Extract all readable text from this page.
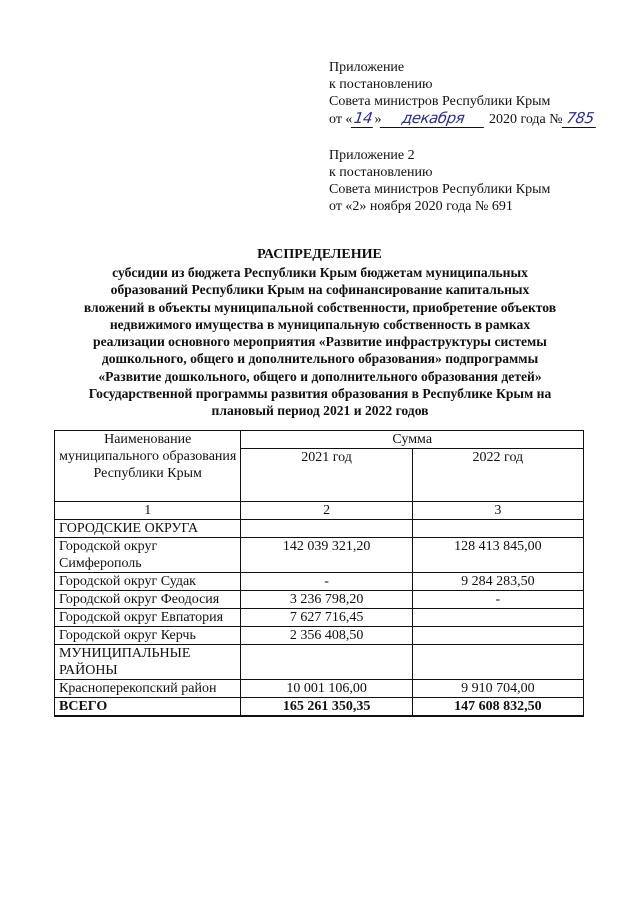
Приложение
к постановлению
Совета министров Республики Крым
от «14» декабря 2020 года № 785
Приложение 2
к постановлению
Совета министров Республики Крым
от «2» ноября 2020 года № 691
РАСПРЕДЕЛЕНИЕ
субсидии из бюджета Республики Крым бюджетам муниципальных
образований Республики Крым на софинансирование капитальных
вложений в объекты муниципальной собственности, приобретение объектов
недвижимого имущества в муниципальную собственность в рамках
реализации основного мероприятия «Развитие инфраструктуры системы
дошкольного, общего и дополнительного образования» подпрограммы
«Развитие дошкольного, общего и дополнительного образования детей»
Государственной программы развития образования в Республике Крым на
плановый период 2021 и 2022 годов
Наименование муниципального образования Республики Крым	Сумма	
	2021 год	2022 год
1	2	3
ГОРОДСКИЕ ОКРУГА		
Городской округ Симферополь	142 039 321,20	128 413 845,00
Городской округ Судак	-	9 284 283,50
Городской округ Феодосия	3 236 798,20	-
Городской округ Евпатория	7 627 716,45	
Городской округ Керчь	2 356 408,50	
МУНИЦИПАЛЬНЫЕ РАЙОНЫ		
Красноперекопский район	10 001 106,00	9 910 704,00
ВСЕГО	165 261 350,35	147 608 832,50
